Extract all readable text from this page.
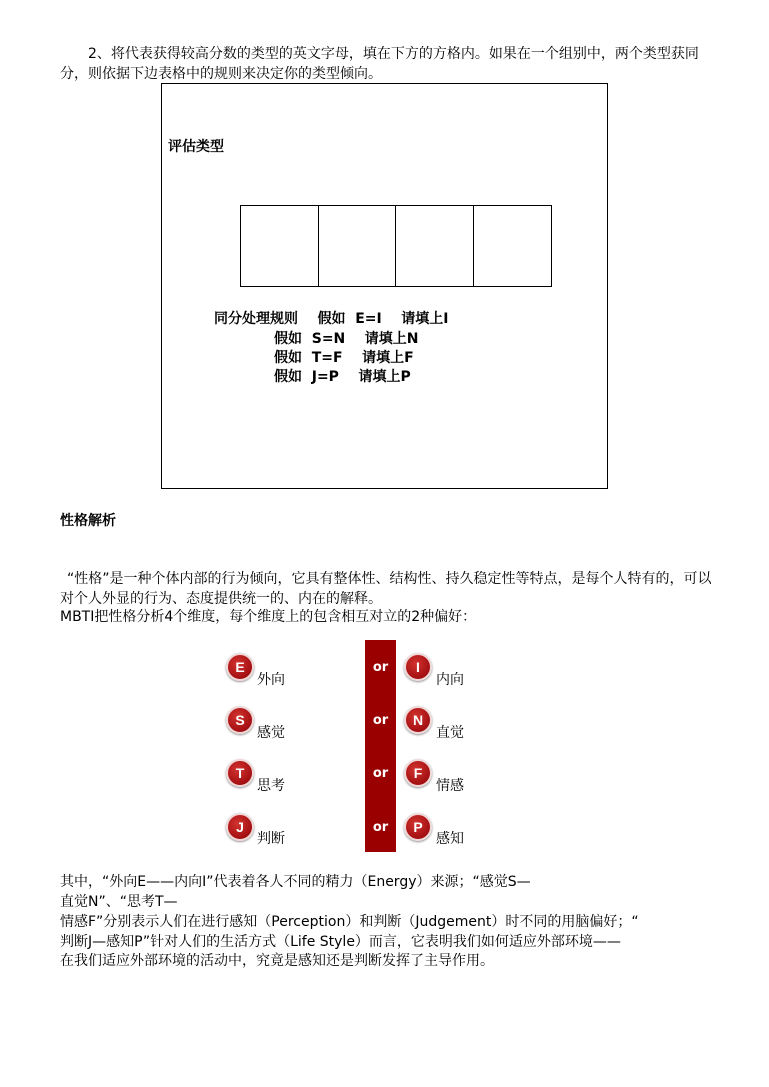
2、将代表获得较高分数的类型的英文字母，填在下方的方格内。如果在一个组别中，两个类型获同分，则依据下边表格中的规则来决定你的类型倾向。

评估类型
同分处理规则    假如  E=I    请填上I
假如  S=N    请填上N
假如  T=F    请填上F
假如  J=P    请填上P
性格解析

“性格”是一种个体内部的行为倾向，它具有整体性、结构性、持久稳定性等特点，是每个人特有的，可以对个人外显的行为、态度提供统一的、内在的解释。

MBTI把性格分析4个维度，每个维度上的包含相互对立的2种偏好：

or
or
or
or
E
外向
I
内向
S
感觉
N
直觉
T
思考
F
情感
J
判断
P
感知

其中，“外向E——内向I”代表着各人不同的精力（Energy）来源；“感觉S—

直觉N”、“思考T—

情感F”分别表示人们在进行感知（Perception）和判断（Judgement）时不同的用脑偏好；“

判断J—感知P”针对人们的生活方式（Life Style）而言，它表明我们如何适应外部环境——

在我们适应外部环境的活动中，究竟是感知还是判断发挥了主导作用。
